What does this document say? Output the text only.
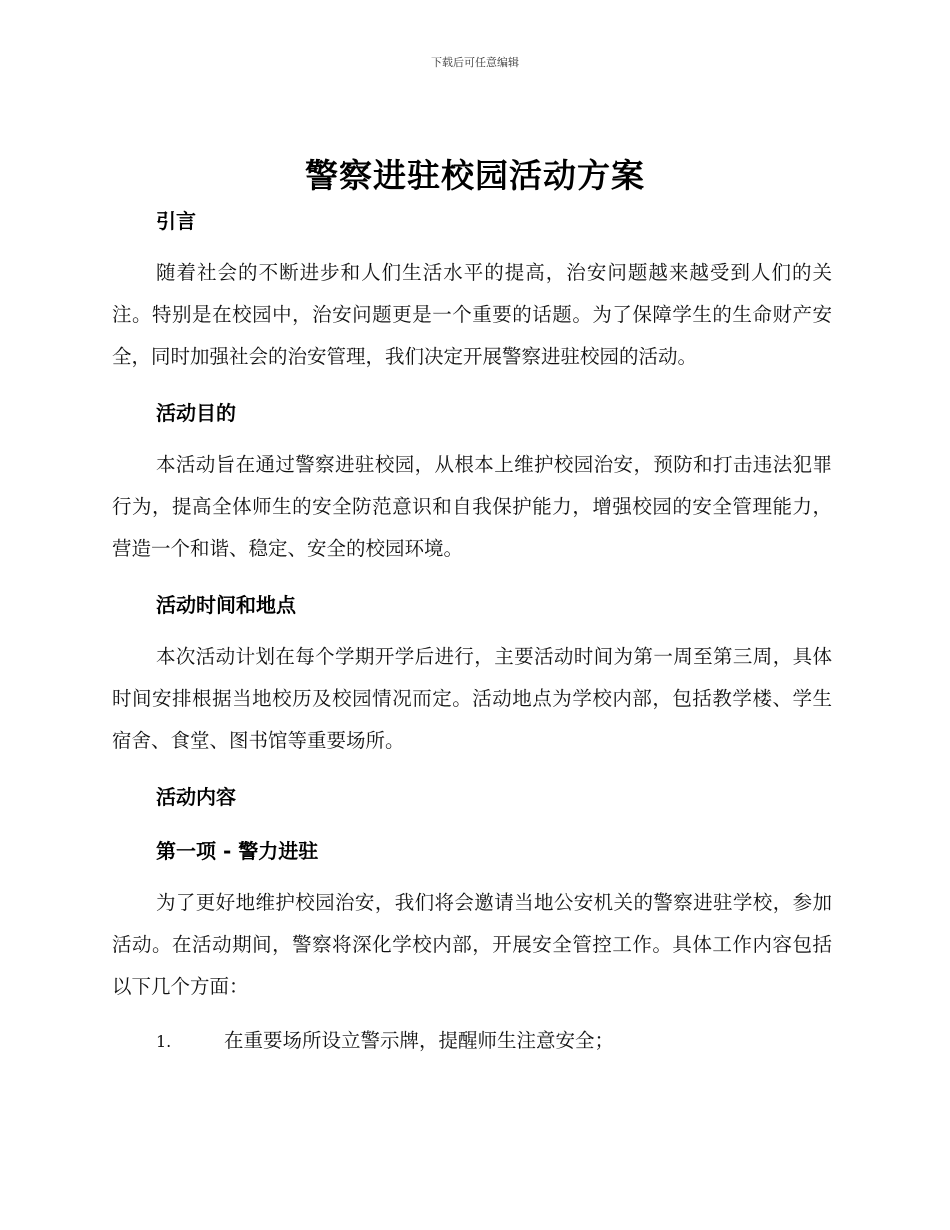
下载后可任意编辑
警察进驻校园活动方案

引言

随着社会的不断进步和人们生活水平的提高，治安问题越来越受到人们的关注。特别是在校园中，治安问题更是一个重要的话题。为了保障学生的生命财产安全，同时加强社会的治安管理，我们决定开展警察进驻校园的活动。

活动目的

本活动旨在通过警察进驻校园，从根本上维护校园治安，预防和打击违法犯罪行为，提高全体师生的安全防范意识和自我保护能力，增强校园的安全管理能力，营造一个和谐、稳定、安全的校园环境。

活动时间和地点

本次活动计划在每个学期开学后进行，主要活动时间为第一周至第三周，具体时间安排根据当地校历及校园情况而定。活动地点为学校内部，包括教学楼、学生宿舍、食堂、图书馆等重要场所。

活动内容

第一项 - 警力进驻

为了更好地维护校园治安，我们将会邀请当地公安机关的警察进驻学校，参加活动。在活动期间，警察将深化学校内部，开展安全管控工作。具体工作内容包括以下几个方面：

1.	在重要场所设立警示牌，提醒师生注意安全；
